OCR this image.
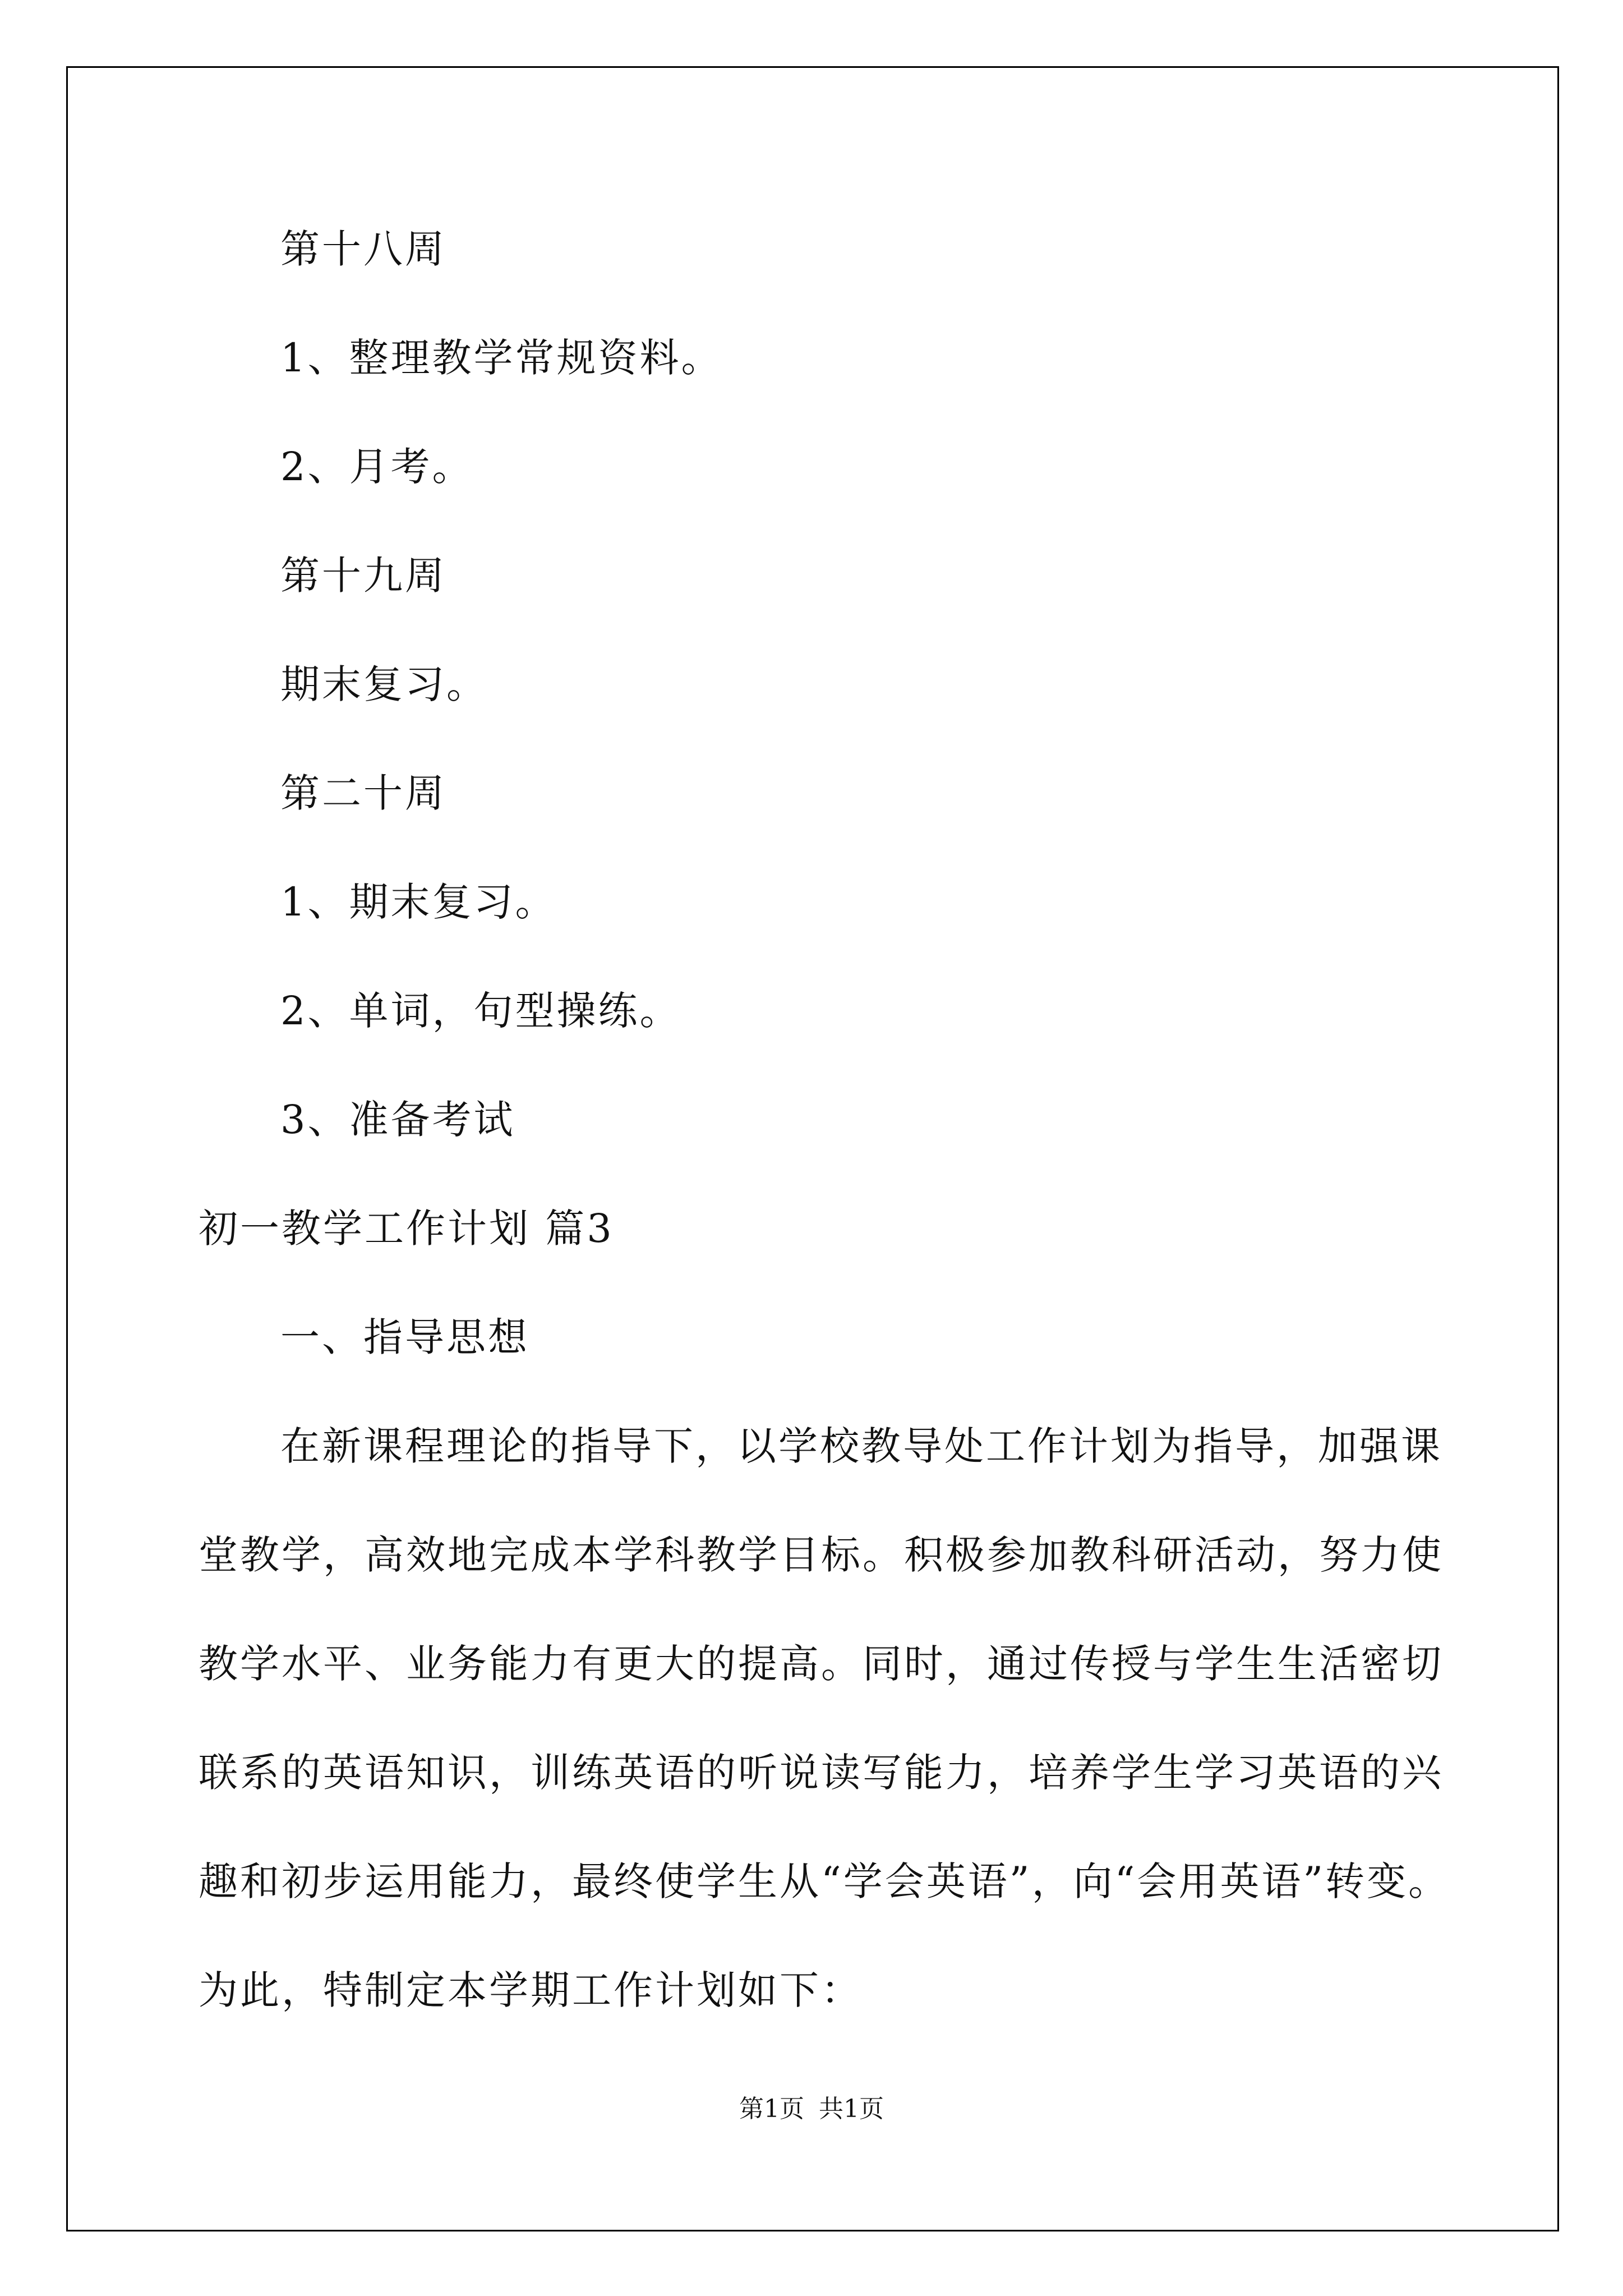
第十八周
1、整理教学常规资料。
2、月考。
第十九周
期末复习。
第二十周
1、期末复习。
2、单词，句型操练。
3、准备考试
初一教学工作计划 篇3
一、指导思想
在新课程理论的指导下，以学校教导处工作计划为指导，加强课
堂教学，高效地完成本学科教学目标。积极参加教科研活动，努力使
教学水平、业务能力有更大的提高。同时，通过传授与学生生活密切
联系的英语知识，训练英语的听说读写能力，培养学生学习英语的兴
趣和初步运用能力，最终使学生从“学会英语”，向“会用英语”转变。
为此，特制定本学期工作计划如下：
第1页 共1页
